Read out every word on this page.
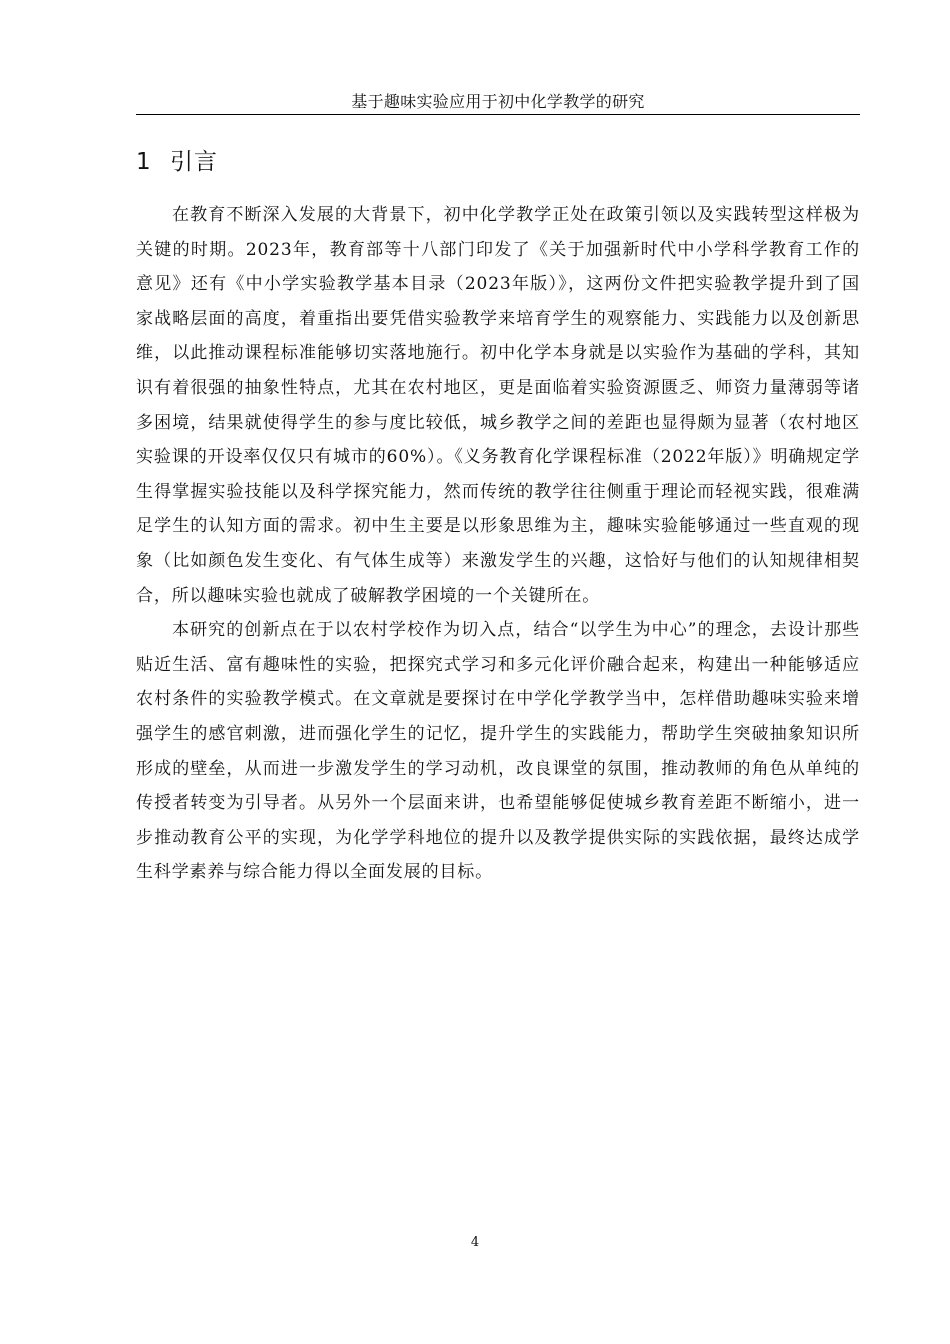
基于趣味实验应用于初中化学教学的研究
1 引言

在教育不断深入发展的大背景下，初中化学教学正处在政策引领以及实践转型这样极为关键的时期。2023年，教育部等十八部门印发了《关于加强新时代中小学科学教育工作的意见》还有《中小学实验教学基本目录（2023年版）》，这两份文件把实验教学提升到了国家战略层面的高度，着重指出要凭借实验教学来培育学生的观察能力、实践能力以及创新思维，以此推动课程标准能够切实落地施行。初中化学本身就是以实验作为基础的学科，其知识有着很强的抽象性特点，尤其在农村地区，更是面临着实验资源匮乏、师资力量薄弱等诸多困境，结果就使得学生的参与度比较低，城乡教学之间的差距也显得颇为显著（农村地区实验课的开设率仅仅只有城市的60%）。《义务教育化学课程标准（2022年版）》明确规定学生得掌握实验技能以及科学探究能力，然而传统的教学往往侧重于理论而轻视实践，很难满足学生的认知方面的需求。初中生主要是以形象思维为主，趣味实验能够通过一些直观的现象（比如颜色发生变化、有气体生成等）来激发学生的兴趣，这恰好与他们的认知规律相契合，所以趣味实验也就成了破解教学困境的一个关键所在。

本研究的创新点在于以农村学校作为切入点，结合“以学生为中心”的理念，去设计那些贴近生活、富有趣味性的实验，把探究式学习和多元化评价融合起来，构建出一种能够适应农村条件的实验教学模式。在文章就是要探讨在中学化学教学当中，怎样借助趣味实验来增强学生的感官刺激，进而强化学生的记忆，提升学生的实践能力，帮助学生突破抽象知识所形成的壁垒，从而进一步激发学生的学习动机，改良课堂的氛围，推动教师的角色从单纯的传授者转变为引导者。从另外一个层面来讲，也希望能够促使城乡教育差距不断缩小，进一步推动教育公平的实现，为化学学科地位的提升以及教学提供实际的实践依据，最终达成学生科学素养与综合能力得以全面发展的目标。

4
